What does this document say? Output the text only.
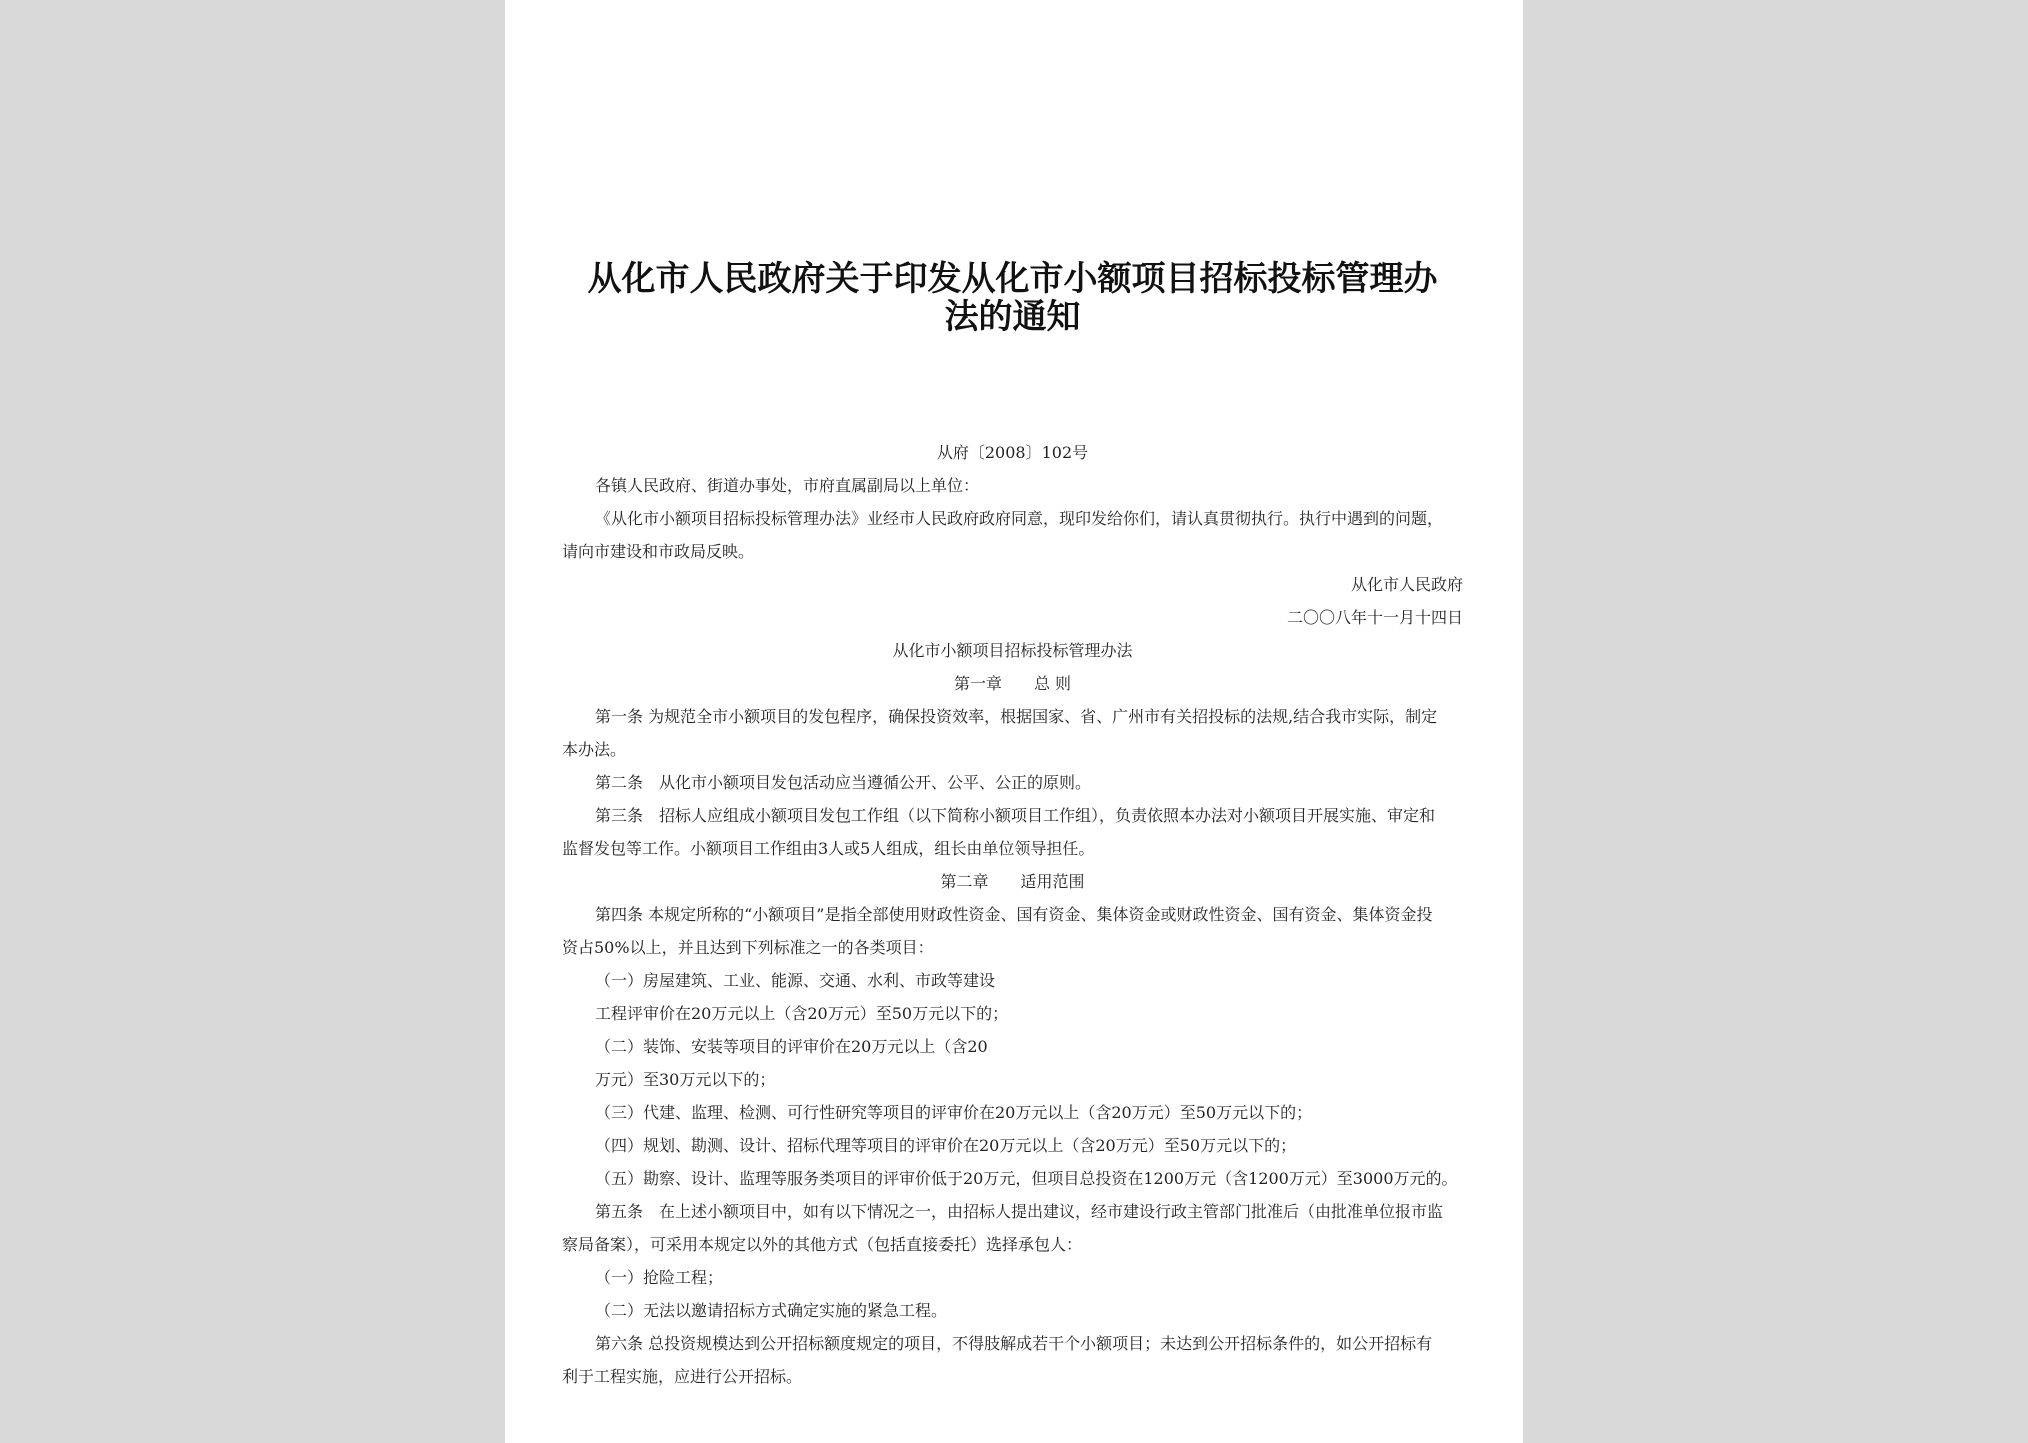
从化市人民政府关于印发从化市小额项目招标投标管理办法的通知
从府〔2008〕102号
各镇人民政府、街道办事处，市府直属副局以上单位：
《从化市小额项目招标投标管理办法》业经市人民政府政府同意，现印发给你们，请认真贯彻执行。执行中遇到的问题，
请向市建设和市政局反映。
从化市人民政府
二〇〇八年十一月十四日
从化市小额项目招标投标管理办法
第一章　　总 则
第一条 为规范全市小额项目的发包程序，确保投资效率，根据国家、省、广州市有关招投标的法规,结合我市实际，制定
本办法。
第二条　从化市小额项目发包活动应当遵循公开、公平、公正的原则。
第三条　招标人应组成小额项目发包工作组（以下简称小额项目工作组），负责依照本办法对小额项目开展实施、审定和
监督发包等工作。小额项目工作组由3人或5人组成，组长由单位领导担任。
第二章　　适用范围
第四条 本规定所称的“小额项目”是指全部使用财政性资金、国有资金、集体资金或财政性资金、国有资金、集体资金投
资占50%以上，并且达到下列标准之一的各类项目：
（一）房屋建筑、工业、能源、交通、水利、市政等建设
工程评审价在20万元以上（含20万元）至50万元以下的；
（二）装饰、安装等项目的评审价在20万元以上（含20
万元）至30万元以下的；
（三）代建、监理、检测、可行性研究等项目的评审价在20万元以上（含20万元）至50万元以下的；
（四）规划、勘测、设计、招标代理等项目的评审价在20万元以上（含20万元）至50万元以下的；
（五）勘察、设计、监理等服务类项目的评审价低于20万元，但项目总投资在1200万元（含1200万元）至3000万元的。
第五条　在上述小额项目中，如有以下情况之一，由招标人提出建议，经市建设行政主管部门批准后（由批准单位报市监
察局备案），可采用本规定以外的其他方式（包括直接委托）选择承包人：
（一）抢险工程；
（二）无法以邀请招标方式确定实施的紧急工程。
第六条 总投资规模达到公开招标额度规定的项目，不得肢解成若干个小额项目；未达到公开招标条件的，如公开招标有
利于工程实施，应进行公开招标。
